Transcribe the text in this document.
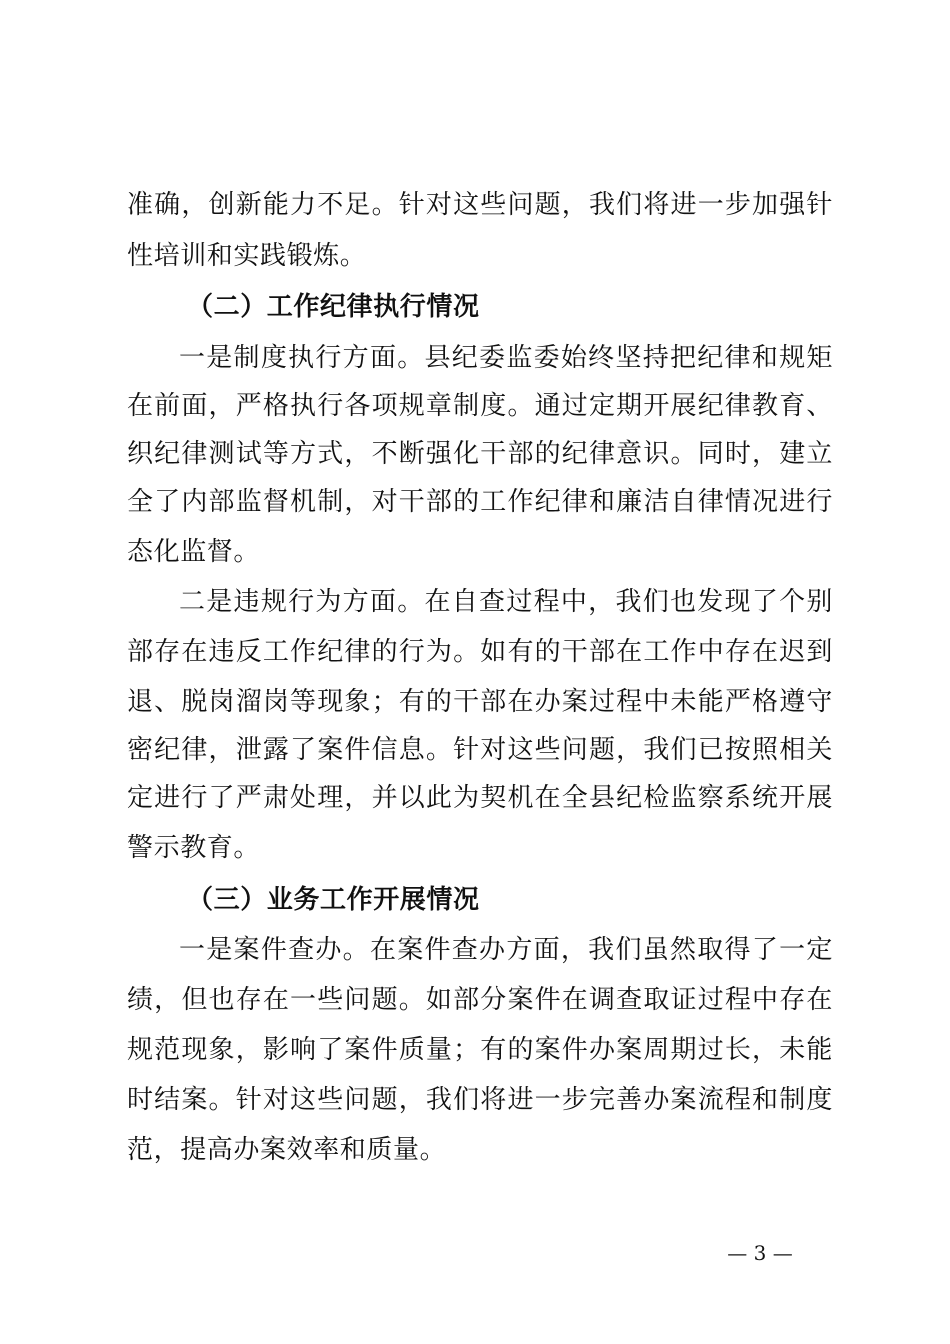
准确，创新能力不足。针对这些问题，我们将进一步加强针
性培训和实践锻炼。
（二）工作纪律执行情况
一是制度执行方面。县纪委监委始终坚持把纪律和规矩
在前面，严格执行各项规章制度。通过定期开展纪律教育、
织纪律测试等方式，不断强化干部的纪律意识。同时，建立
全了内部监督机制，对干部的工作纪律和廉洁自律情况进行
态化监督。
二是违规行为方面。在自查过程中，我们也发现了个别
部存在违反工作纪律的行为。如有的干部在工作中存在迟到
退、脱岗溜岗等现象；有的干部在办案过程中未能严格遵守
密纪律，泄露了案件信息。针对这些问题，我们已按照相关
定进行了严肃处理，并以此为契机在全县纪检监察系统开展
警示教育。
（三）业务工作开展情况
一是案件查办。在案件查办方面，我们虽然取得了一定
绩，但也存在一些问题。如部分案件在调查取证过程中存在
规范现象，影响了案件质量；有的案件办案周期过长，未能
时结案。针对这些问题，我们将进一步完善办案流程和制度
范，提高办案效率和质量。
— 3 —
